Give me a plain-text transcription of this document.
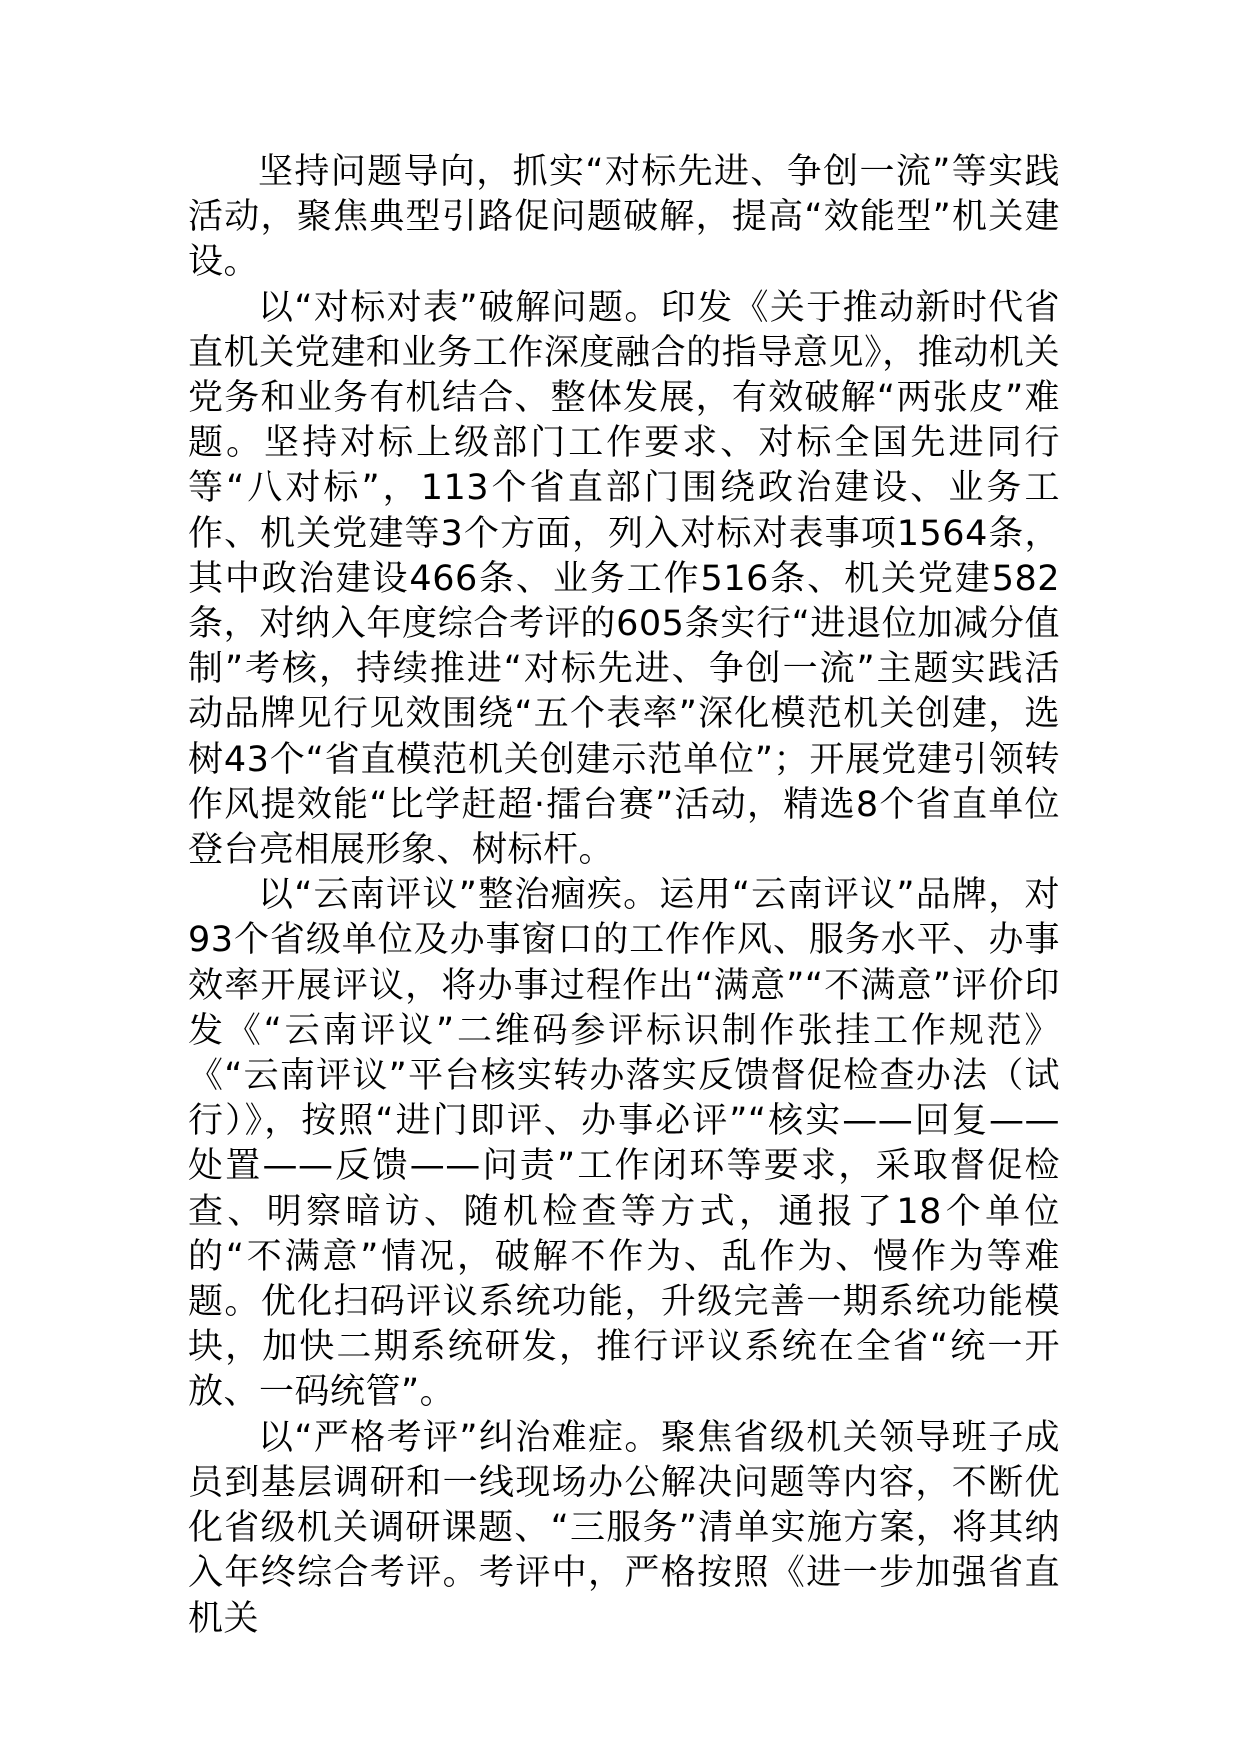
坚持问题导向，抓实“对标先进、争创一流”等实践活动，聚焦典型引路促问题破解，提高“效能型”机关建设。

以“对标对表”破解问题。印发《关于推动新时代省直机关党建和业务工作深度融合的指导意见》，推动机关党务和业务有机结合、整体发展，有效破解“两张皮”难题。坚持对标上级部门工作要求、对标全国先进同行等“八对标”，113个省直部门围绕政治建设、业务工作、机关党建等3个方面，列入对标对表事项1564条，其中政治建设466条、业务工作516条、机关党建582条，对纳入年度综合考评的605条实行“进退位加减分值制”考核，持续推进“对标先进、争创一流”主题实践活动品牌见行见效围绕“五个表率”深化模范机关创建，选树43个“省直模范机关创建示范单位”；开展党建引领转作风提效能“比学赶超·擂台赛”活动，精选8个省直单位登台亮相展形象、树标杆。

以“云南评议”整治痼疾。运用“云南评议”品牌，对93个省级单位及办事窗口的工作作风、服务水平、办事效率开展评议，将办事过程作出“满意”“不满意”评价印发《“云南评议”二维码参评标识制作张挂工作规范》《“云南评议”平台核实转办落实反馈督促检查办法（试行）》，按照“进门即评、办事必评”“核实——回复——处置——反馈——问责”工作闭环等要求，采取督促检查、明察暗访、随机检查等方式，通报了18个单位的“不满意”情况，破解不作为、乱作为、慢作为等难题。优化扫码评议系统功能，升级完善一期系统功能模块，加快二期系统研发，推行评议系统在全省“统一开放、一码统管”。

以“严格考评”纠治难症。聚焦省级机关领导班子成员到基层调研和一线现场办公解决问题等内容，不断优化省级机关调研课题、“三服务”清单实施方案，将其纳入年终综合考评。考评中，严格按照《进一步加强省直机关
